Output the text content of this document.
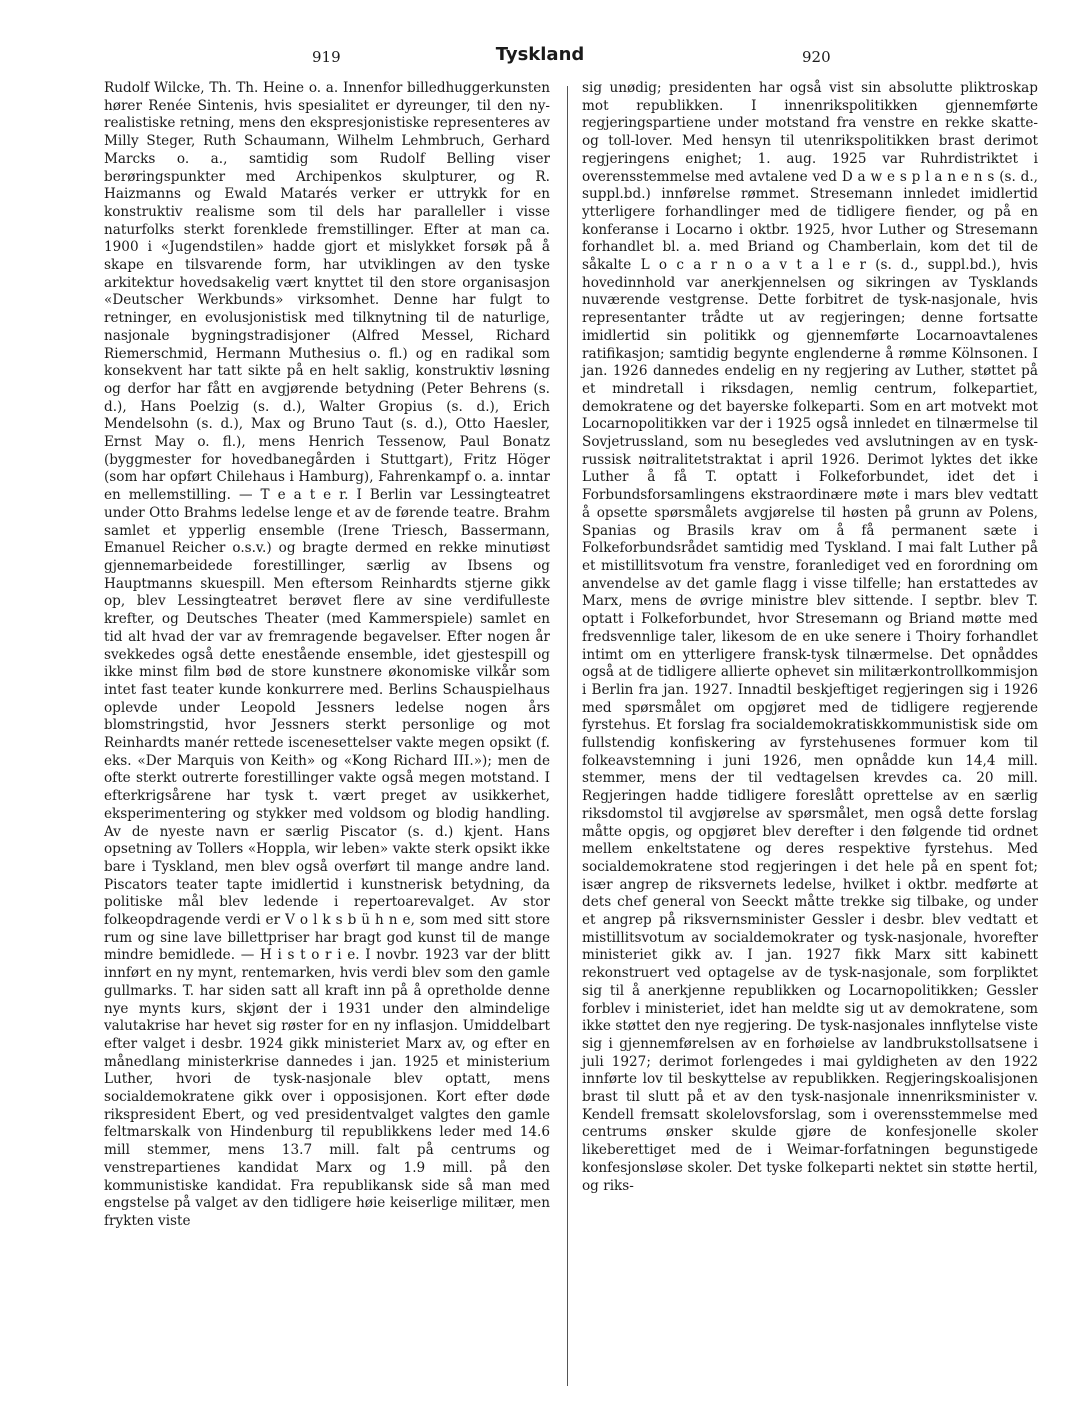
919	Tyskland	920

Rudolf Wilcke, Th. Th. Heine o. a. Innenfor billedhuggerkunsten hører Renée Sintenis, hvis spesialitet er dyreunger, til den ny-realistiske retning, mens den ekspresjonistiske representeres av Milly Steger, Ruth Schaumann, Wilhelm Lehmbruch, Gerhard Marcks o. a., samtidig som Rudolf Belling viser berøringspunkter med Archipenkos skulpturer, og R. Haizmanns og Ewald Matarés verker er uttrykk for en konstruktiv realisme som til dels har paralleller i visse naturfolks sterkt forenklede fremstillinger. Efter at man ca. 1900 i «Jugendstilen» hadde gjort et mislykket forsøk på å skape en tilsvarende form, har utviklingen av den tyske arkitektur hovedsakelig vært knyttet til den store organisasjon «Deutscher Werkbunds» virksomhet. Denne har fulgt to retninger, en evolusjonistisk med tilknytning til de naturlige, nasjonale bygningstradisjoner (Alfred Messel, Richard Riemerschmid, Hermann Muthesius o. fl.) og en radikal som konsekvent har tatt sikte på en helt saklig, konstruktiv løsning og derfor har fått en avgjørende betydning (Peter Behrens (s. d.), Hans Poelzig (s. d.), Walter Gropius (s. d.), Erich Mendelsohn (s. d.), Max og Bruno Taut (s. d.), Otto Haesler, Ernst May o. fl.), mens Henrich Tessenow, Paul Bonatz (byggmester for hovedbanegården i Stuttgart), Fritz Höger (som har opført Chilehaus i Hamburg), Fahrenkampf o. a. inntar en mellemstilling. — T e a t e r. I Berlin var Lessingteatret under Otto Brahms ledelse lenge et av de førende teatre. Brahm samlet et ypperlig ensemble (Irene Triesch, Bassermann, Emanuel Reicher o.s.v.) og bragte dermed en rekke minutiøst gjennemarbeidede forestillinger, særlig av Ibsens og Hauptmanns skuespill. Men eftersom Reinhardts stjerne gikk op, blev Lessingteatret berøvet flere av sine verdifulleste krefter, og Deutsches Theater (med Kammerspiele) samlet en tid alt hvad der var av fremragende begavelser. Efter nogen år svekkedes også dette enestående ensemble, idet gjestespill og ikke minst film bød de store kunstnere økonomiske vilkår som intet fast teater kunde konkurrere med. Berlins Schauspielhaus oplevde under Leopold Jessners ledelse nogen års blomstringstid, hvor Jessners sterkt personlige og mot Reinhardts manér rettede iscenesettelser vakte megen opsikt (f. eks. «Der Marquis von Keith» og «Kong Richard III.»); men de ofte sterkt outrerte forestillinger vakte også megen motstand. I efterkrigsårene har tysk t. vært preget av usikkerhet, eksperimentering og stykker med voldsom og blodig handling. Av de nyeste navn er særlig Piscator (s. d.) kjent. Hans opsetning av Tollers «Hoppla, wir leben» vakte sterk opsikt ikke bare i Tyskland, men blev også overført til mange andre land. Piscators teater tapte imidlertid i kunstnerisk betydning, da politiske mål blev ledende i repertoarevalget. Av stor folkeopdragende verdi er V o l k s b ü h n e, som med sitt store rum og sine lave billettpriser har bragt god kunst til de mange mindre bemidlede. — H i s t o r i e. I novbr. 1923 var der blitt innført en ny mynt, rentemarken, hvis verdi blev som den gamle gullmarks. T. har siden satt all kraft inn på å opretholde denne nye mynts kurs, skjønt der i 1931 under den almindelige valutakrise har hevet sig røster for en ny inflasjon. Umiddelbart efter valget i desbr. 1924 gikk ministeriet Marx av, og efter en månedlang ministerkrise dannedes i jan. 1925 et ministerium Luther, hvori de tysk-nasjonale blev optatt, mens socialdemokratene gikk over i opposisjonen. Kort efter døde rikspresident Ebert, og ved presidentvalget valgtes den gamle feltmarskalk von Hindenburg til republikkens leder med 14.6 mill stemmer, mens 13.7 mill. falt på centrums og venstrepartienes kandidat Marx og 1.9 mill. på den kommunistiske kandidat. Fra republikansk side så man med engstelse på valget av den tidligere høie keiserlige militær, men frykten viste

sig unødig; presidenten har også vist sin absolutte pliktroskap mot republikken. I innenrikspolitikken gjennemførte regjeringspartiene under motstand fra venstre en rekke skatte- og toll-lover. Med hensyn til utenrikspolitikken brast derimot regjeringens enighet; 1. aug. 1925 var Ruhrdistriktet i overensstemmelse med avtalene ved D a w e s p l a n e n s (s. d., suppl.bd.) innførelse rømmet. Stresemann innledet imidlertid ytterligere forhandlinger med de tidligere fiender, og på en konferanse i Locarno i oktbr. 1925, hvor Luther og Stresemann forhandlet bl. a. med Briand og Chamberlain, kom det til de såkalte L o c a r n o a v t a l e r (s. d., suppl.bd.), hvis hovedinnhold var anerkjennelsen og sikringen av Tysklands nuværende vestgrense. Dette forbitret de tysk-nasjonale, hvis representanter trådte ut av regjeringen; denne fortsatte imidlertid sin politikk og gjennemførte Locarnoavtalenes ratifikasjon; samtidig begynte englenderne å rømme Kölnsonen. I jan. 1926 dannedes endelig en ny regjering av Luther, støttet på et mindretall i riksdagen, nemlig centrum, folkepartiet, demokratene og det bayerske folkeparti. Som en art motvekt mot Locarnopolitikken var der i 1925 også innledet en tilnærmelse til Sovjetrussland, som nu besegledes ved avslutningen av en tysk-russisk nøitralitetstraktat i april 1926. Derimot lyktes det ikke Luther å få T. optatt i Folkeforbundet, idet det i Forbundsforsamlingens ekstraordinære møte i mars blev vedtatt å opsette spørsmålets avgjørelse til høsten på grunn av Polens, Spanias og Brasils krav om å få permanent sæte i Folkeforbundsrådet samtidig med Tyskland. I mai falt Luther på et mistillitsvotum fra venstre, foranlediget ved en forordning om anvendelse av det gamle flagg i visse tilfelle; han erstattedes av Marx, mens de øvrige ministre blev sittende. I septbr. blev T. optatt i Folkeforbundet, hvor Stresemann og Briand møtte med fredsvennlige taler, likesom de en uke senere i Thoiry forhandlet intimt om en ytterligere fransk-tysk tilnærmelse. Det opnåddes også at de tidligere allierte ophevet sin militærkontrollkommisjon i Berlin fra jan. 1927. Innadtil beskjeftiget regjeringen sig i 1926 med spørsmålet om opgjøret med de tidligere regjerende fyrstehus. Et forslag fra socialdemokratiskkommunistisk side om fullstendig konfiskering av fyrstehusenes formuer kom til folkeavstemning i juni 1926, men opnådde kun 14,4 mill. stemmer, mens der til vedtagelsen krevdes ca. 20 mill. Regjeringen hadde tidligere foreslått oprettelse av en særlig riksdomstol til avgjørelse av spørsmålet, men også dette forslag måtte opgis, og opgjøret blev derefter i den følgende tid ordnet mellem enkeltstatene og deres respektive fyrstehus. Med socialdemokratene stod regjeringen i det hele på en spent fot; især angrep de riksvernets ledelse, hvilket i oktbr. medførte at dets chef general von Seeckt måtte trekke sig tilbake, og under et angrep på riksvernsminister Gessler i desbr. blev vedtatt et mistillitsvotum av socialdemokrater og tysk-nasjonale, hvorefter ministeriet gikk av. I jan. 1927 fikk Marx sitt kabinett rekonstruert ved optagelse av de tysk-nasjonale, som forpliktet sig til å anerkjenne republikken og Locarnopolitikken; Gessler forblev i ministeriet, idet han meldte sig ut av demokratene, som ikke støttet den nye regjering. De tysk-nasjonales innflytelse viste sig i gjennemførelsen av en forhøielse av landbrukstollsatsene i juli 1927; derimot forlengedes i mai gyldigheten av den 1922 innførte lov til beskyttelse av republikken. Regjeringskoalisjonen brast til slutt på et av den tysk-nasjonale innenriksminister v. Kendell fremsatt skolelovsforslag, som i overensstemmelse med centrums ønsker skulde gjøre de konfesjonelle skoler likeberettiget med de i Weimar-forfatningen begunstigede konfesjonsløse skoler. Det tyske folkeparti nektet sin støtte hertil, og riks-
